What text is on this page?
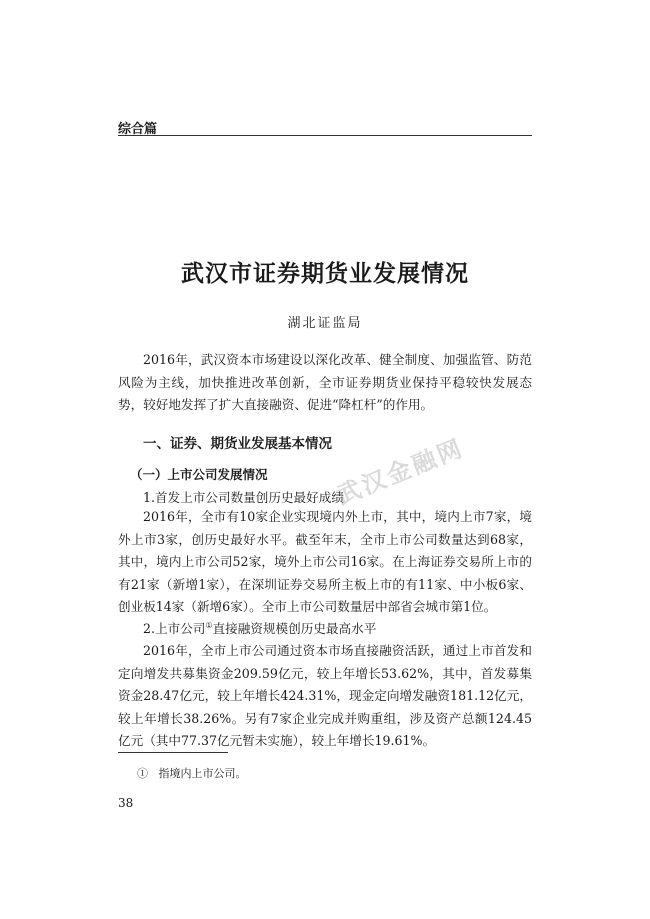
综合篇
武汉市证券期货业发展情况
湖北证监局

2016年，武汉资本市场建设以深化改革、健全制度、加强监管、防范风险为主线，加快推进改革创新，全市证券期货业保持平稳较快发展态势，较好地发挥了扩大直接融资、促进“降杠杆”的作用。

一、证券、期货业发展基本情况
（一）上市公司发展情况
1.首发上市公司数量创历史最好成绩

2016年，全市有10家企业实现境内外上市，其中，境内上市7家，境外上市3家，创历史最好水平。截至年末，全市上市公司数量达到68家，其中，境内上市公司52家，境外上市公司16家。在上海证券交易所上市的有21家（新增1家），在深圳证券交易所主板上市的有11家、中小板6家、创业板14家（新增6家）。全市上市公司数量居中部省会城市第1位。

2.上市公司①直接融资规模创历史最高水平

2016年，全市上市公司通过资本市场直接融资活跃，通过上市首发和定向增发共募集资金209.59亿元，较上年增长53.62%，其中，首发募集资金28.47亿元，较上年增长424.31%，现金定向增发融资181.12亿元，较上年增长38.26%。另有7家企业完成并购重组，涉及资产总额124.45亿元（其中77.37亿元暂未实施），较上年增长19.61%。

① 指境内上市公司。
38
武汉金融网
